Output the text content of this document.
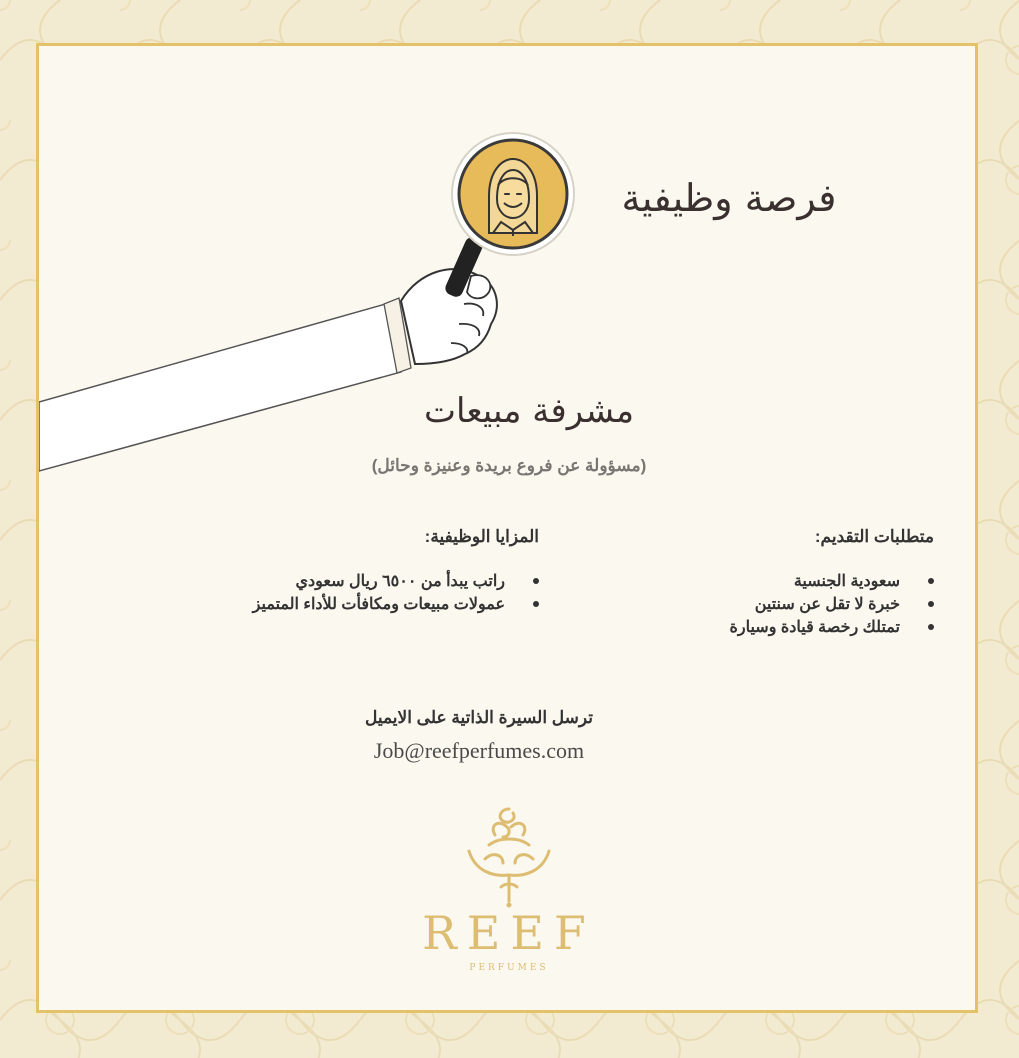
فرصة وظيفية
مشرفة مبيعات
(مسؤولة عن فروع بريدة وعنيزة وحائل)
متطلبات التقديم:
المزايا الوظيفية:
سعودية الجنسية
خبرة لا تقل عن سنتين
تمتلك رخصة قيادة وسيارة
راتب يبدأ من ٦٥٠٠ ريال سعودي
عمولات مبيعات ومكافأت للأداء المتميز
ترسل السيرة الذاتية على الايميل
Job@reefperfumes.com
REEF
PERFUMES
